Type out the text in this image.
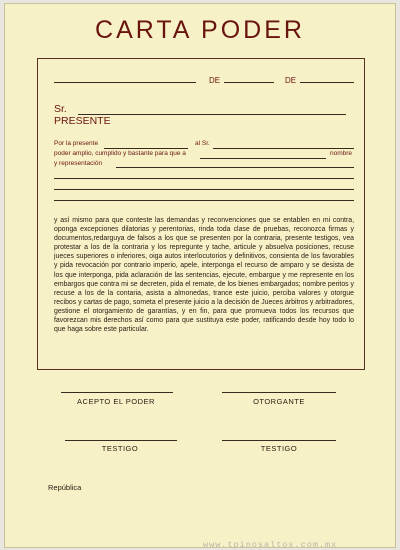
CARTA PODER
DE	DE
Sr.
PRESENTE
Por la presente	al Sr.
poder amplio, cumplido y bastante para que a	nombre
y representación
y así mismo para que conteste las demandas y reconvenciones que se entablen en mi contra, oponga excepciones dilatorias y perentorias, rinda toda clase de pruebas, reconozca firmas y documentos,redarguya de falsos a los que se presenten por la contraria, presente testigos, vea protestar a los de la contraria y los repregunte y tache, articule y absuelva posiciones, recuse jueces superiores o inferiores, oiga autos interlocutorios y definitivos, consienta de los favorables y pida revocación por contrario imperio, apele, interponga el recurso de amparo y se desista de los que interponga, pida aclaración de las sentencias, ejecute, embargue y me represente en los embargos que contra mi se decreten, pida el remate, de los bienes embargados; nombre peritos y recuse a los de la contaria, asista a almonedas, trance este juicio, perciba valores y otorgue recibos y cartas de pago, someta el presente juicio a la decisión de Jueces árbitros y arbitradores, gestione el otorgamiento de garantías, y en fin, para que promueva todos los recursos que favorezcan mis derechos así como para que sustituya este poder, ratificando desde hoy todo lo que haga sobre este particular.
ACEPTO EL PODER	OTORGANTE
TESTIGO	TESTIGO
República
www.tpinosaltos.com.mx
